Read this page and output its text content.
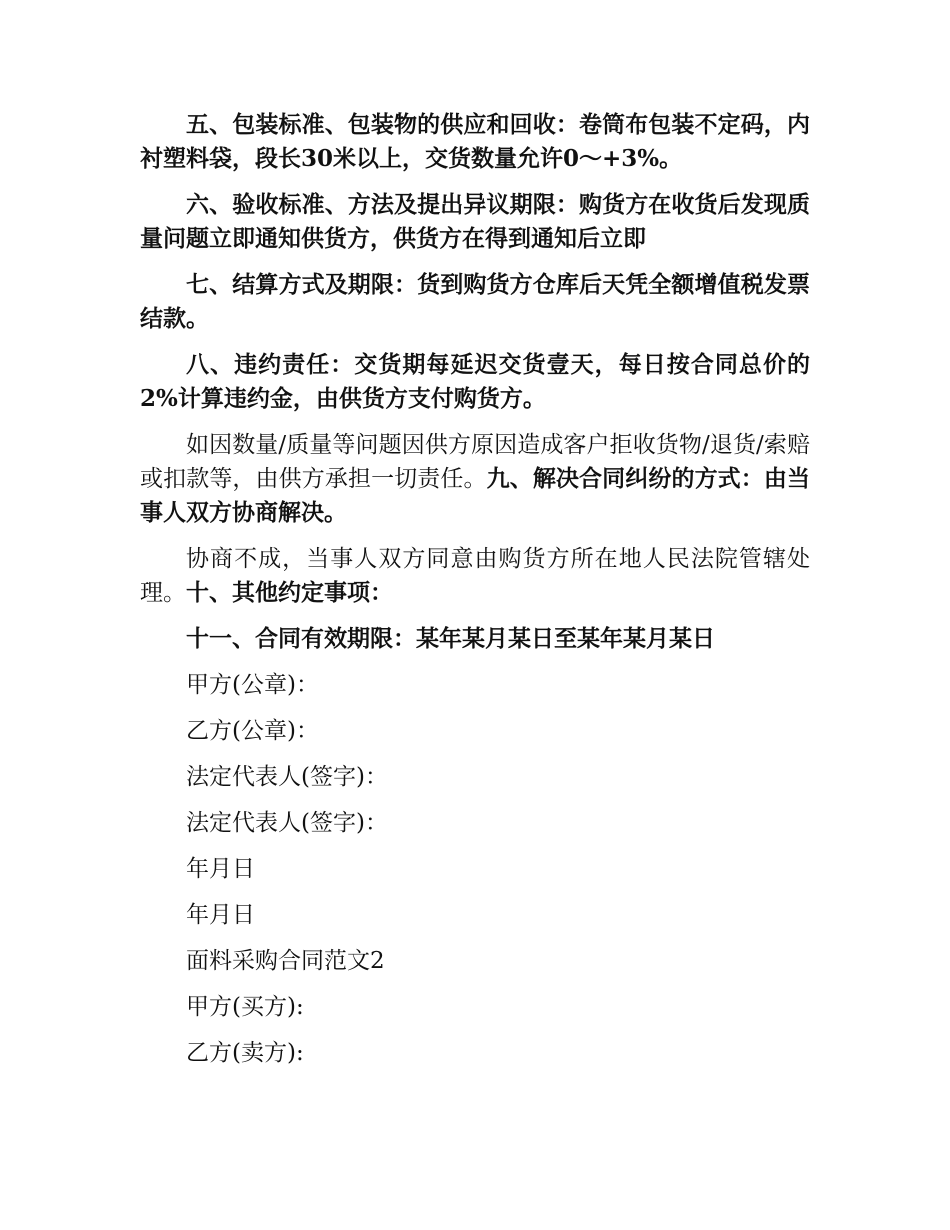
五、包装标准、包装物的供应和回收：卷筒布包装不定码，内衬塑料袋，段长30米以上，交货数量允许0～+3%。

六、验收标准、方法及提出异议期限：购货方在收货后发现质量问题立即通知供货方，供货方在得到通知后立即

七、结算方式及期限：货到购货方仓库后天凭全额增值税发票结款。

八、违约责任：交货期每延迟交货壹天，每日按合同总价的2%计算违约金，由供货方支付购货方。

如因数量/质量等问题因供方原因造成客户拒收货物/退货/索赔或扣款等，由供方承担一切责任。九、解决合同纠纷的方式：由当事人双方协商解决。

协商不成，当事人双方同意由购货方所在地人民法院管辖处理。十、其他约定事项：

十一、合同有效期限：某年某月某日至某年某月某日

甲方(公章)：
乙方(公章)：
法定代表人(签字)：
法定代表人(签字)：
年月日
年月日
面料采购合同范文2
甲方(买方):
乙方(卖方):
